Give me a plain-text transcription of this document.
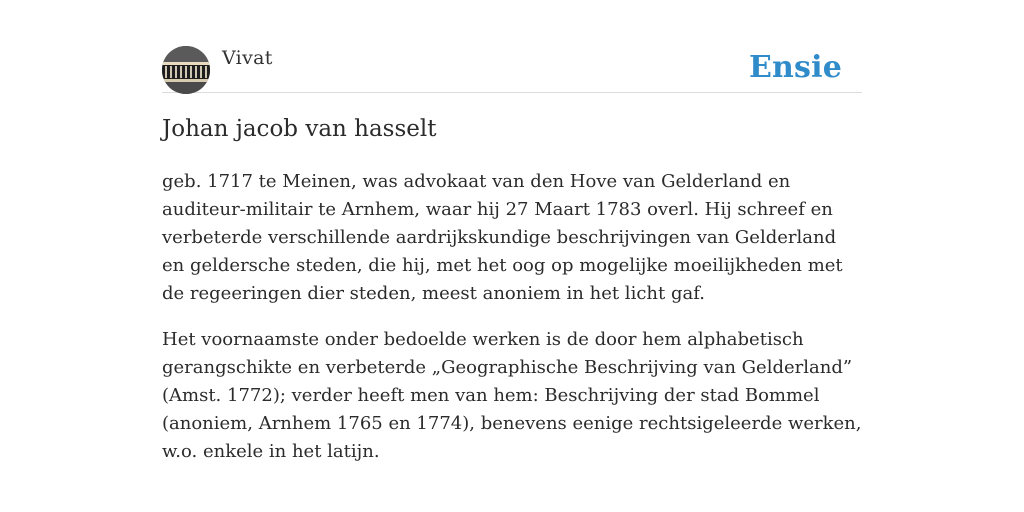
Vivat	Ensie
Johan jacob van hasselt

geb. 1717 te Meinen, was advokaat van den Hove van Gelderland en auditeur-militair te Arnhem, waar hij 27 Maart 1783 overl. Hij schreef en verbeterde verschillende aardrijkskundige beschrijvingen van Gelderland en geldersche steden, die hij, met het oog op mogelijke moeilijkheden met de regeeringen dier steden, meest anoniem in het licht gaf.

Het voornaamste onder bedoelde werken is de door hem alphabetisch gerangschikte en verbeterde „Geographische Beschrijving van Gelderland” (Amst. 1772); verder heeft men van hem: Beschrijving der stad Bommel (anoniem, Arnhem 1765 en 1774), benevens eenige rechtsigeleerde werken, w.o. enkele in het latijn.
